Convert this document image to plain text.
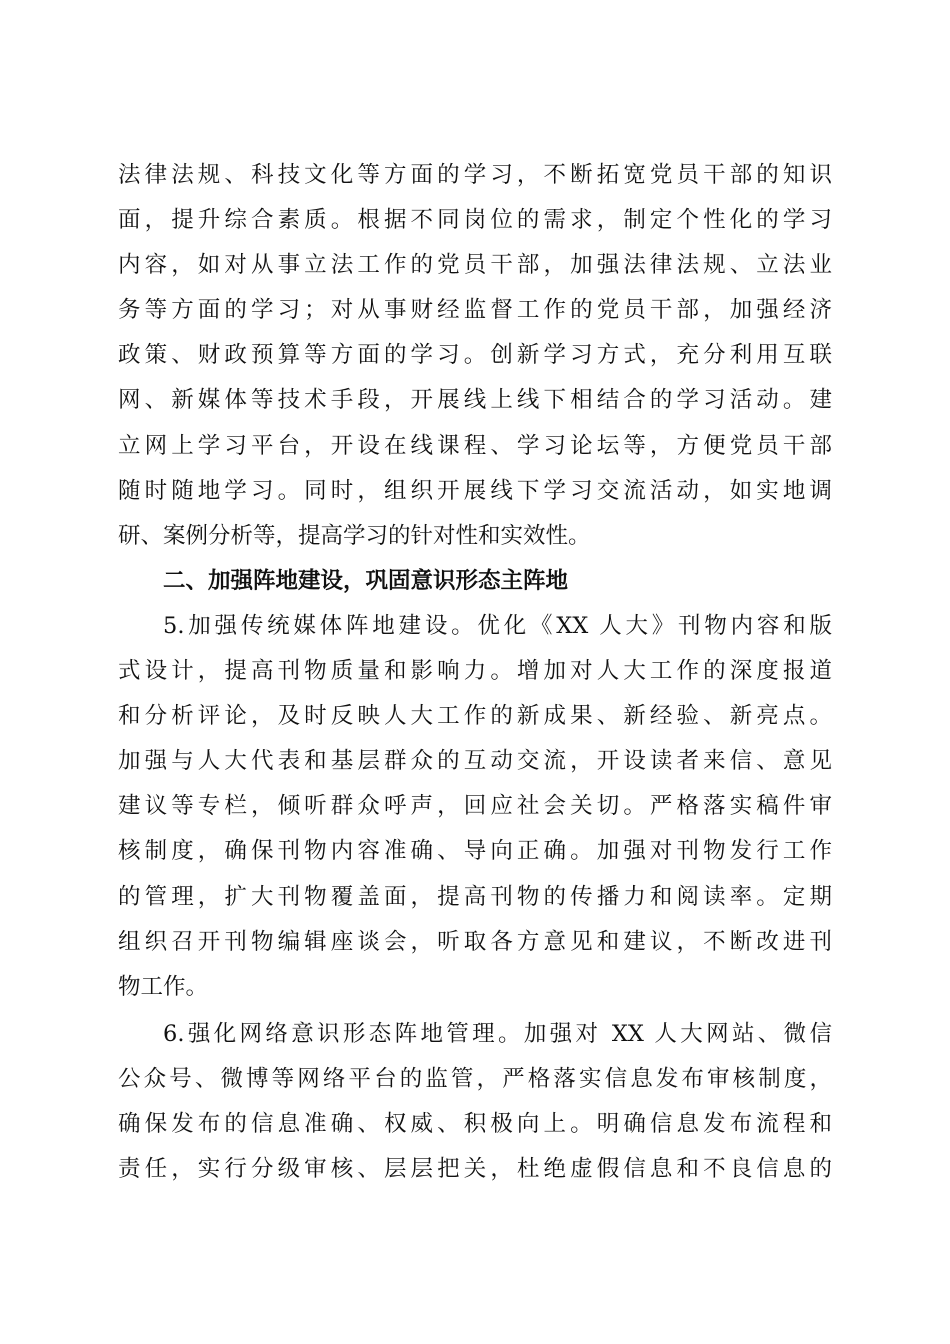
法律法规、科技文化等方面的学习，不断拓宽党员干部的知识
面，提升综合素质。根据不同岗位的需求，制定个性化的学习
内容，如对从事立法工作的党员干部，加强法律法规、立法业
务等方面的学习；对从事财经监督工作的党员干部，加强经济
政策、财政预算等方面的学习。创新学习方式，充分利用互联
网、新媒体等技术手段，开展线上线下相结合的学习活动。建
立网上学习平台，开设在线课程、学习论坛等，方便党员干部
随时随地学习。同时，组织开展线下学习交流活动，如实地调
研、案例分析等，提高学习的针对性和实效性。
二、加强阵地建设，巩固意识形态主阵地
5.加强传统媒体阵地建设。优化《XX 人大》刊物内容和版
式设计，提高刊物质量和影响力。增加对人大工作的深度报道
和分析评论，及时反映人大工作的新成果、新经验、新亮点。
加强与人大代表和基层群众的互动交流，开设读者来信、意见
建议等专栏，倾听群众呼声，回应社会关切。严格落实稿件审
核制度，确保刊物内容准确、导向正确。加强对刊物发行工作
的管理，扩大刊物覆盖面，提高刊物的传播力和阅读率。定期
组织召开刊物编辑座谈会，听取各方意见和建议，不断改进刊
物工作。
6.强化网络意识形态阵地管理。加强对 XX 人大网站、微信
公众号、微博等网络平台的监管，严格落实信息发布审核制度，
确保发布的信息准确、权威、积极向上。明确信息发布流程和
责任，实行分级审核、层层把关，杜绝虚假信息和不良信息的
